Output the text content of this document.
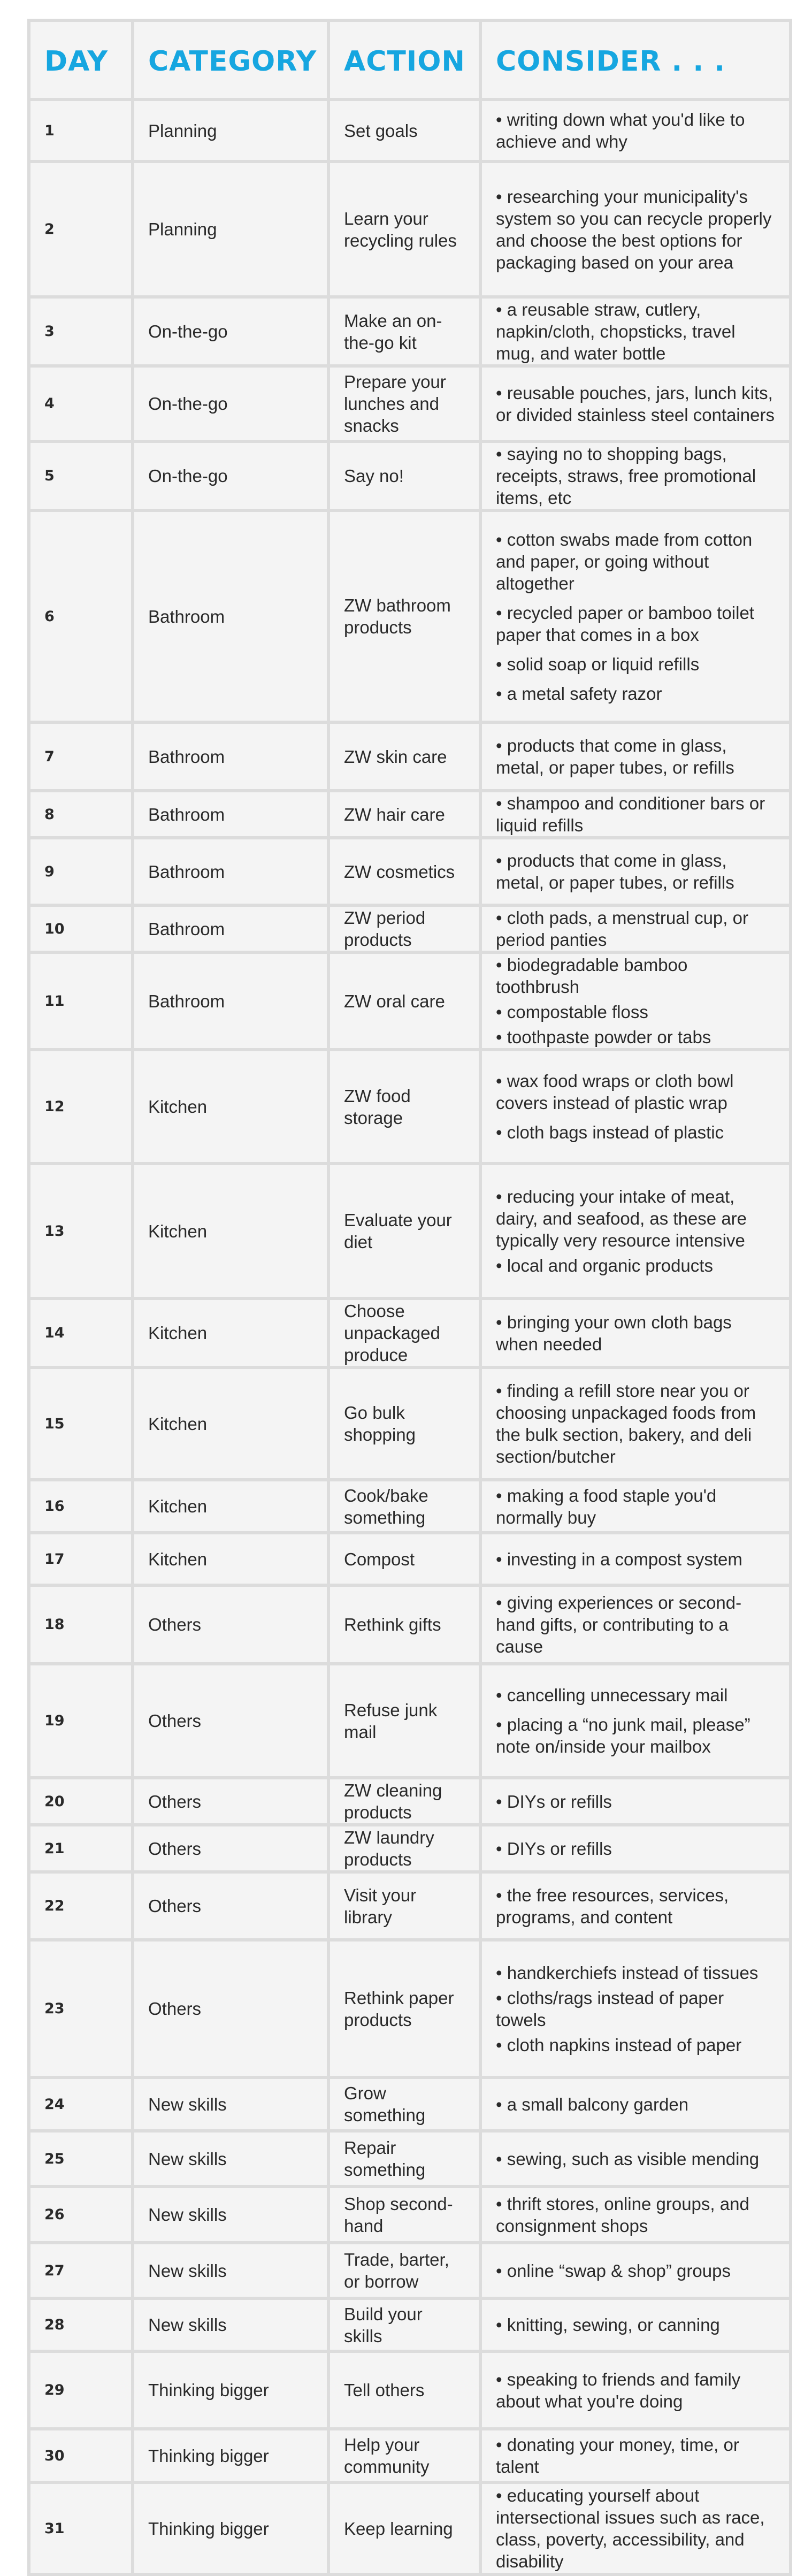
DAY	CATEGORY	ACTION	CONSIDER . . .
1	Planning	Set goals	• writing down what you'd like to achieve and why

2	Planning	Learn your recycling rules	• researching your municipality's system so you can recycle properly and choose the best options for packaging based on your area

3	On-the-go	Make an on-the-go kit	• a reusable straw, cutlery, napkin/cloth, chopsticks, travel mug, and water bottle

4	On-the-go	Prepare your lunches and snacks	• reusable pouches, jars, lunch kits, or divided stainless steel containers

5	On-the-go	Say no!	• saying no to shopping bags, receipts, straws, free promotional items, etc

6	Bathroom	ZW bathroom products	• cotton swabs made from cotton and paper, or going without altogether

• recycled paper or bamboo toilet paper that comes in a box

• solid soap or liquid refills

• a metal safety razor

7	Bathroom	ZW skin care	• products that come in glass, metal, or paper tubes, or refills

8	Bathroom	ZW hair care	• shampoo and conditioner bars or liquid refills

9	Bathroom	ZW cosmetics	• products that come in glass, metal, or paper tubes, or refills

10	Bathroom	ZW period products	• cloth pads, a menstrual cup, or period panties

11	Bathroom	ZW oral care	• biodegradable bamboo toothbrush

• compostable floss

• toothpaste powder or tabs

12	Kitchen	ZW food storage	• wax food wraps or cloth bowl covers instead of plastic wrap

• cloth bags instead of plastic

13	Kitchen	Evaluate your diet	• reducing your intake of meat, dairy, and seafood, as these are typically very resource intensive

• local and organic products

14	Kitchen	Choose unpackaged produce	• bringing your own cloth bags when needed

15	Kitchen	Go bulk shopping	• finding a refill store near you or choosing unpackaged foods from the bulk section, bakery, and deli section/butcher

16	Kitchen	Cook/bake something	• making a food staple you'd normally buy

17	Kitchen	Compost	• investing in a compost system

18	Others	Rethink gifts	• giving experiences or second-hand gifts, or contributing to a cause

19	Others	Refuse junk mail	• cancelling unnecessary mail

• placing a “no junk mail, please” note on/inside your mailbox

20	Others	ZW cleaning products	• DIYs or refills

21	Others	ZW laundry products	• DIYs or refills

22	Others	Visit your library	• the free resources, services, programs, and content

23	Others	Rethink paper products	• handkerchiefs instead of tissues

• cloths/rags instead of paper towels

• cloth napkins instead of paper

24	New skills	Grow something	• a small balcony garden

25	New skills	Repair something	• sewing, such as visible mending

26	New skills	Shop second-hand	• thrift stores, online groups, and consignment shops

27	New skills	Trade, barter, or borrow	• online “swap & shop” groups

28	New skills	Build your skills	• knitting, sewing, or canning

29	Thinking bigger	Tell others	• speaking to friends and family about what you're doing

30	Thinking bigger	Help your community	• donating your money, time, or talent

31	Thinking bigger	Keep learning	• educating yourself about intersectional issues such as race, class, poverty, accessibility, and disability
